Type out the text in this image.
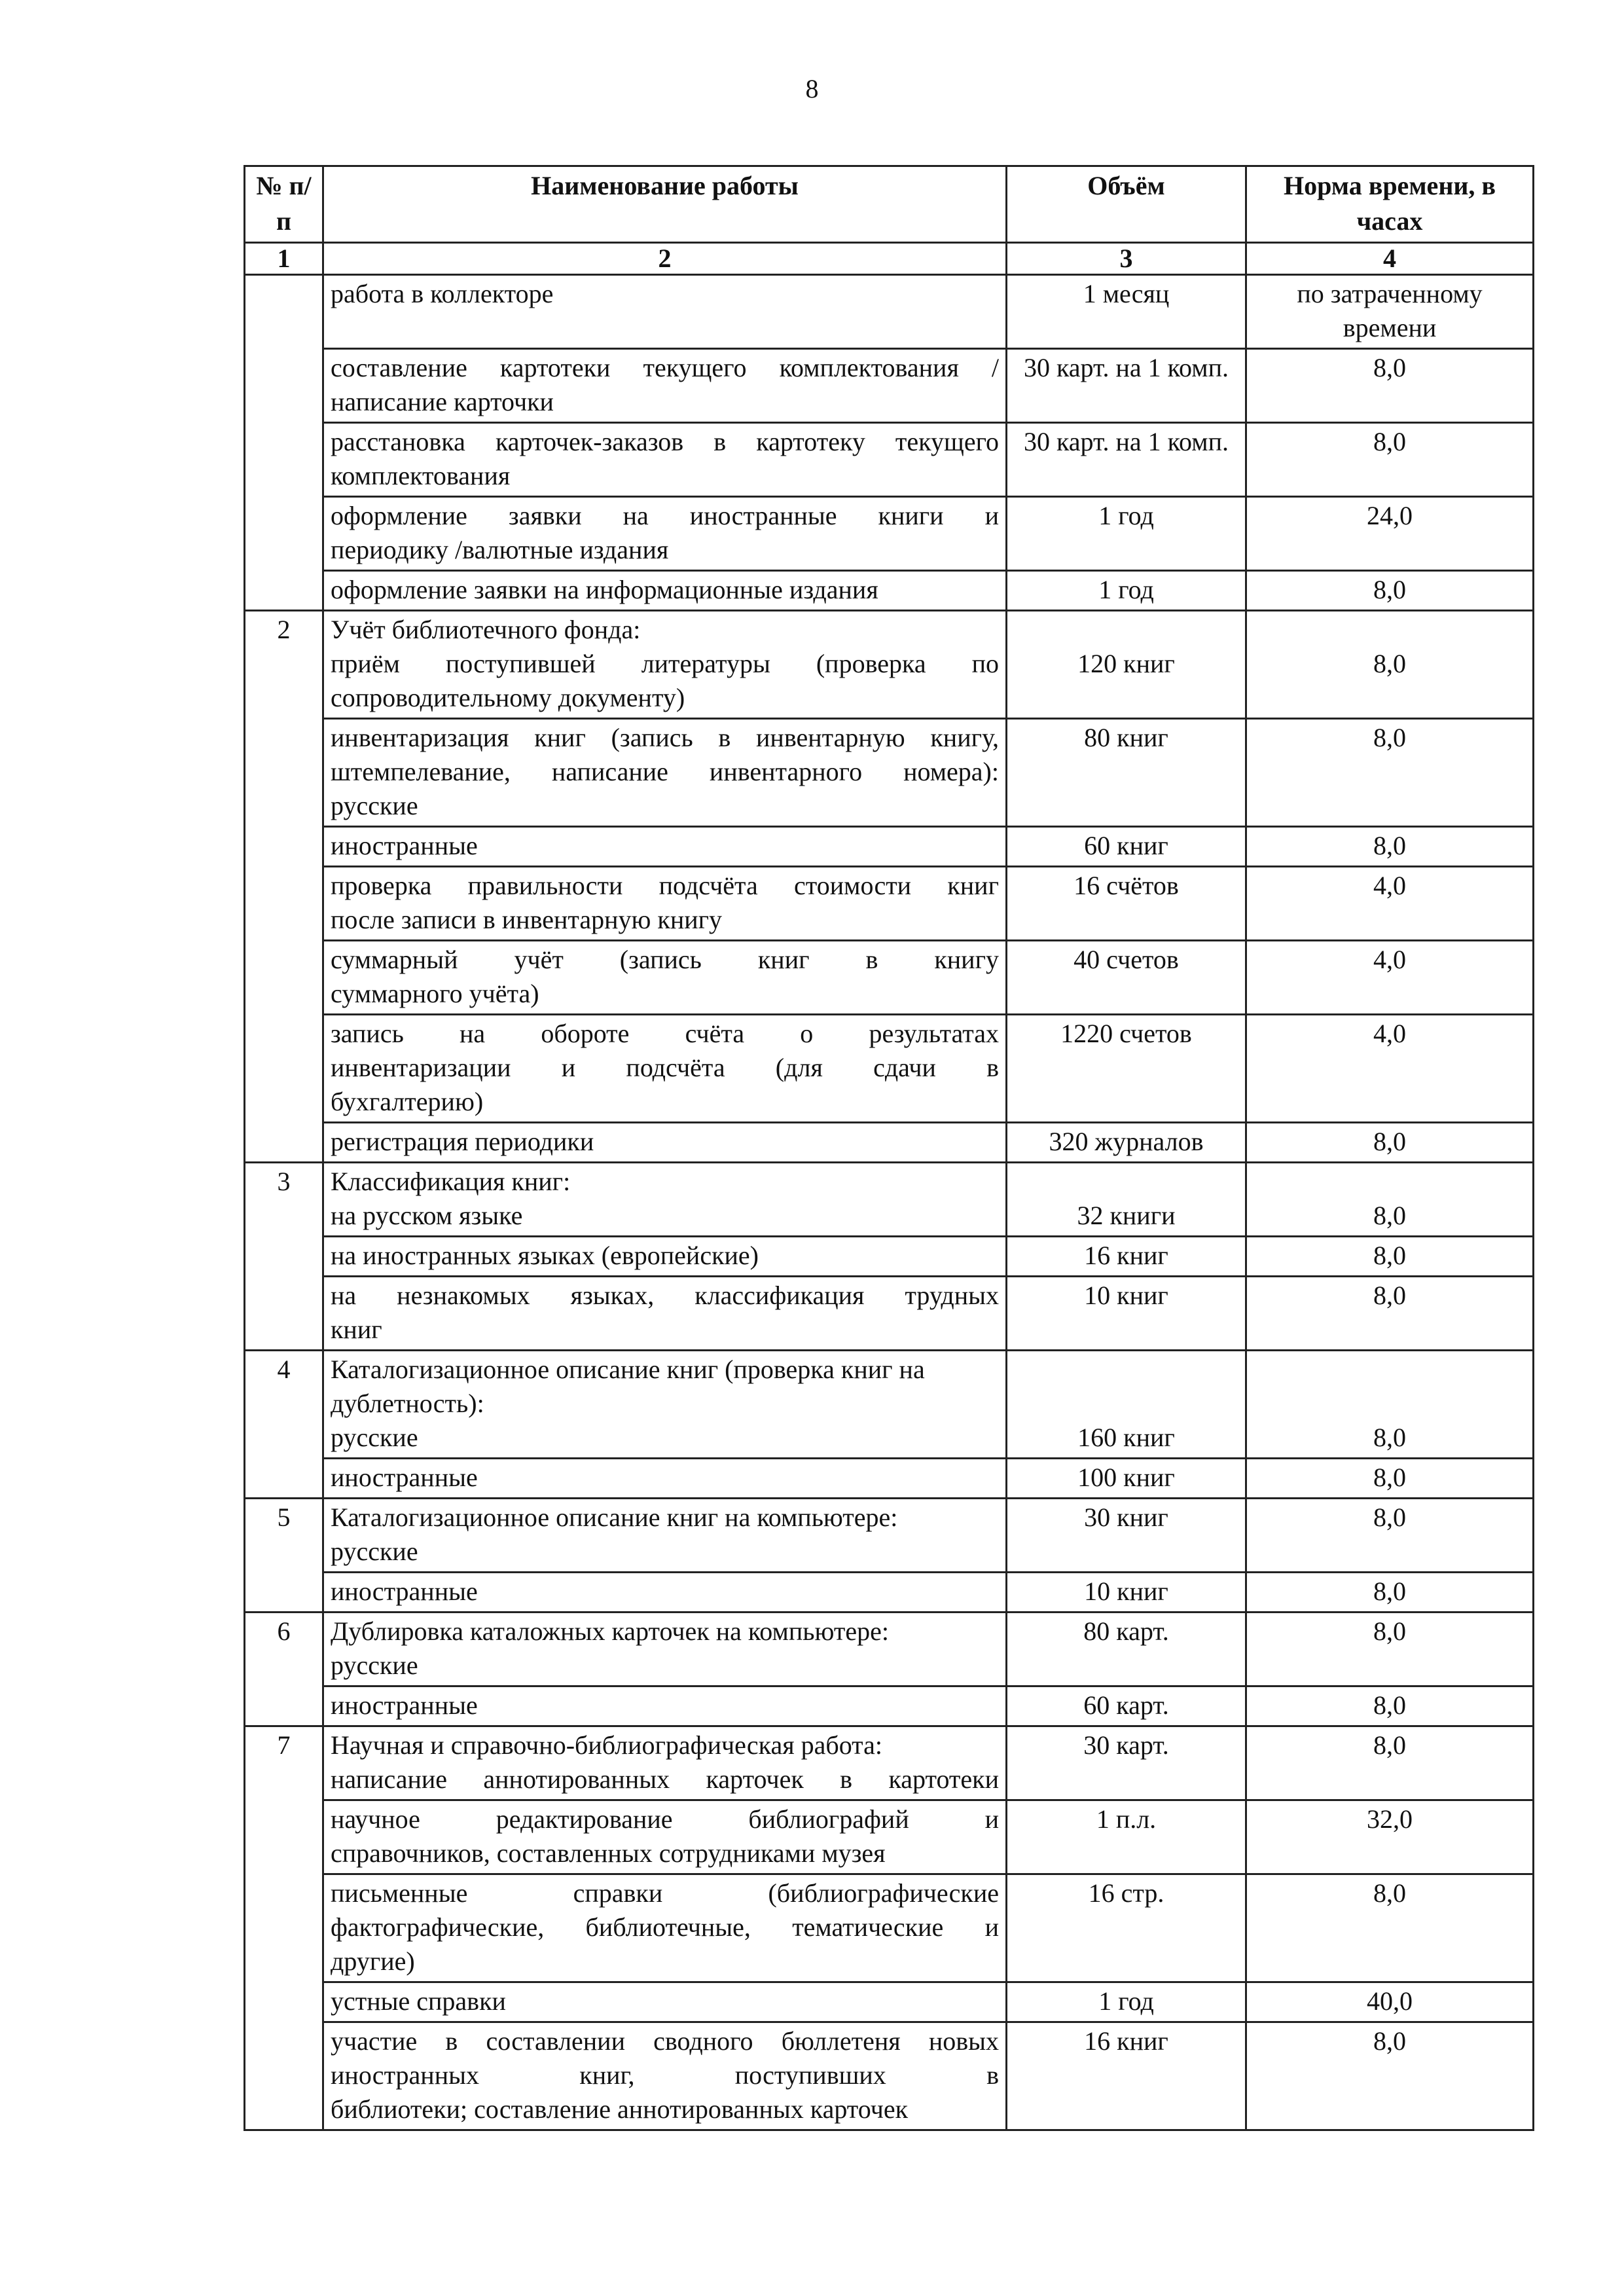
8
№ п/п	Наименование работы	Объём	Норма времени, в часах
1	2	3	4

	работа в коллекторе	1 месяц	по затраченному времени

	составление картотеки текущего комплектования /
написание карточки	30 карт. на 1 комп.	8,0

	расстановка карточек-заказов в картотеку текущего комплектования	30 карт. на 1 комп.	8,0

	оформление заявки на иностранные книги и
периодику /валютные издания	1 год	24,0

	оформление заявки на информационные издания	1 год	8,0
2	Учёт библиотечного фонда:
приём поступившей литературы (проверка по
сопроводительному документу)	120 книг	8,0

	инвентаризация книг (запись в инвентарную книгу,
штемпелевание, написание инвентарного номера):
русские	80 книг	8,0

	иностранные	60 книг	8,0

	проверка правильности подсчёта стоимости книг
после записи в инвентарную книгу	16 счётов	4,0

	суммарный учёт (запись книг в книгу
суммарного учёта)	40 счетов	4,0

	запись на обороте счёта о результатах
инвентаризации и подсчёта (для сдачи в
бухгалтерию)	1220 счетов	4,0

	регистрация периодики	320 журналов	8,0
3	Классификация книг:
на русском языке	32 книги	8,0

	на иностранных языках (европейские)	16 книг	8,0

	на незнакомых языках, классификация трудных
книг	10 книг	8,0
4	Каталогизационное описание книг (проверка книг на дублетность):
русские	160 книг	8,0

	иностранные	100 книг	8,0
5	Каталогизационное описание книг на компьютере:
русские	30 книг	8,0

	иностранные	10 книг	8,0
6	Дублировка каталожных карточек на компьютере:
русские	80 карт.	8,0

	иностранные	60 карт.	8,0
7	Научная и справочно-библиографическая работа:
написание аннотированных карточек в картотеки	30 карт.	8,0

	научное редактирование библиографий и
справочников, составленных сотрудниками музея	1 п.л.	32,0

	письменные справки (библиографические
фактографические, библиотечные, тематические и
другие)	16 стр.	8,0

	устные справки	1 год	40,0

	участие в составлении сводного бюллетеня новых
иностранных книг, поступивших в
библиотеки; составление аннотированных карточек	16 книг	8,0
